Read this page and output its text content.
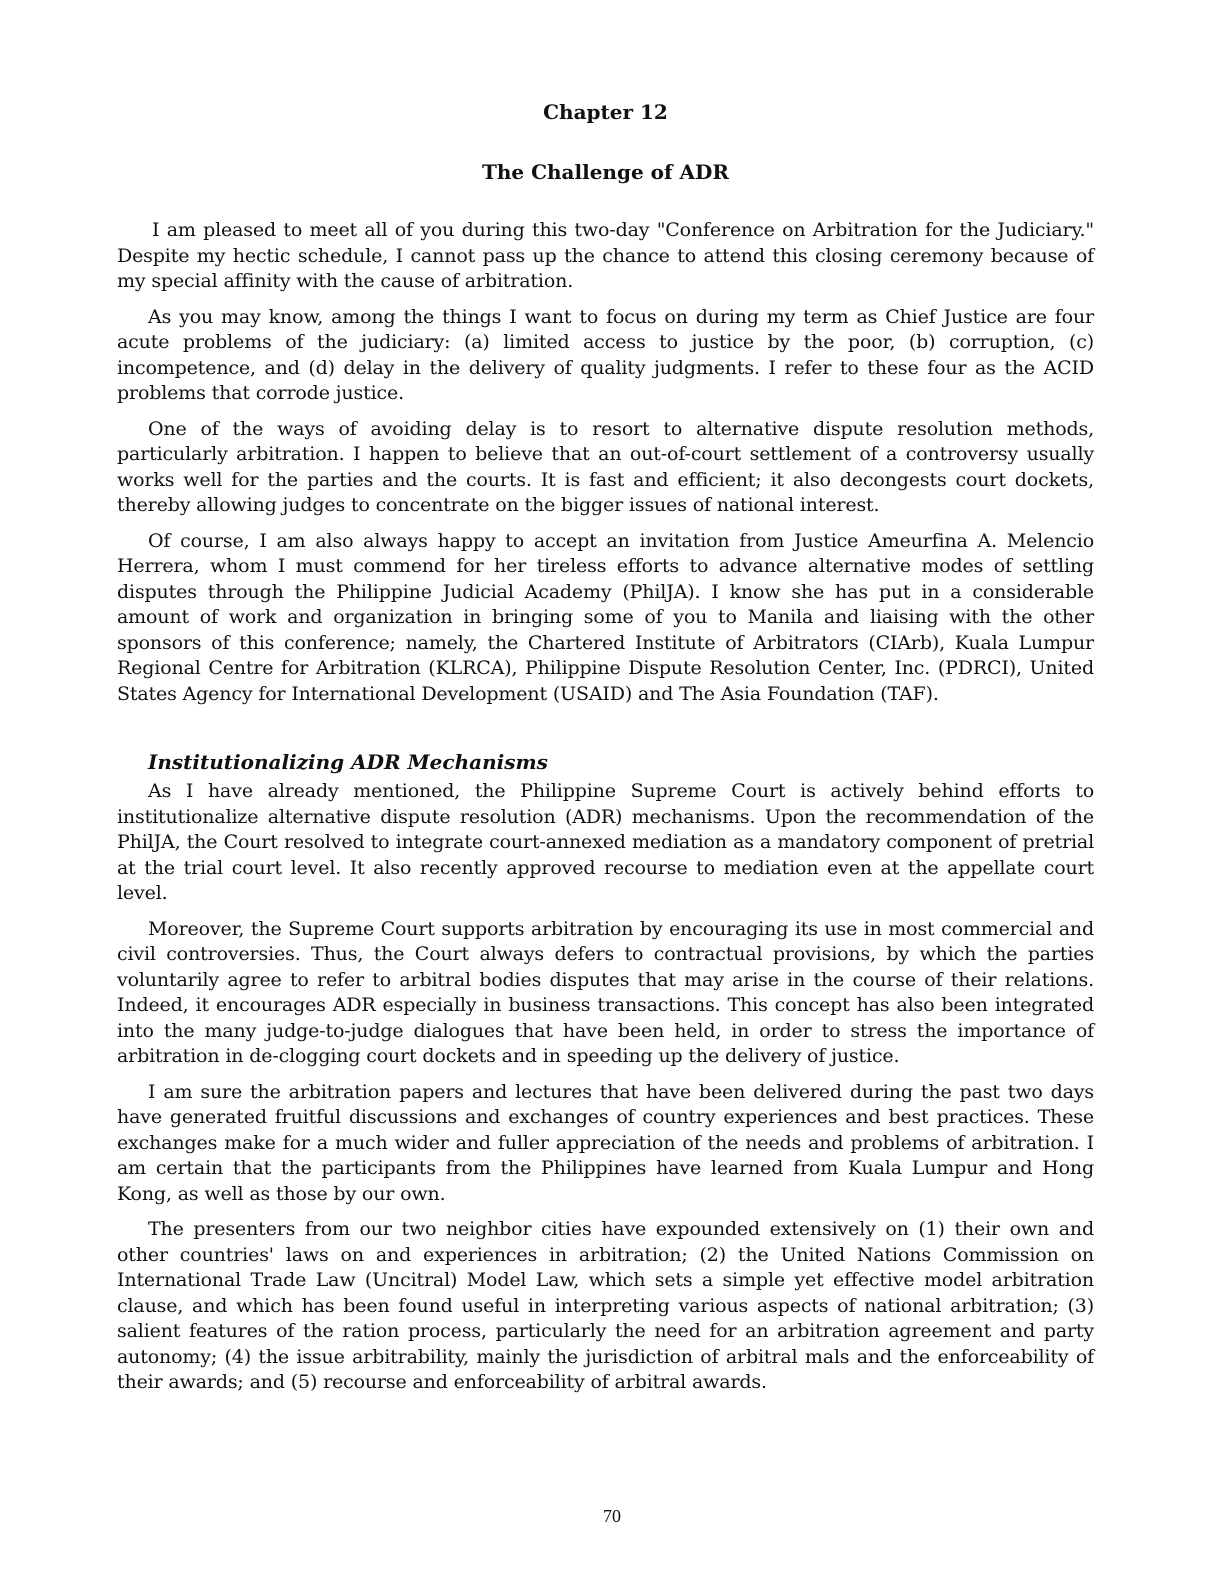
Chapter 12
The Challenge of ADR

I am pleased to meet all of you during this two-day "Conference on Arbitration for the Judiciary." Despite my hectic schedule, I cannot pass up the chance to attend this closing ceremony because of my special affinity with the cause of arbitration.

As you may know, among the things I want to focus on during my term as Chief Justice are four acute problems of the judiciary: (a) limited access to justice by the poor, (b) corruption, (c) incompetence, and (d) delay in the delivery of quality judgments. I refer to these four as the ACID problems that corrode justice.

One of the ways of avoiding delay is to resort to alternative dispute resolution methods, particularly arbitration. I happen to believe that an out-of-court settlement of a controversy usually works well for the parties and the courts. It is fast and efficient; it also decongests court dockets, thereby allowing judges to concentrate on the bigger issues of national interest.

Of course, I am also always happy to accept an invitation from Justice Ameurfina A. Melencio Herrera, whom I must commend for her tireless efforts to advance alternative modes of settling disputes through the Philippine Judicial Academy (PhilJA). I know she has put in a considerable amount of work and organization in bringing some of you to Manila and liaising with the other sponsors of this conference; namely, the Chartered Institute of Arbitrators (CIArb), Kuala Lumpur Regional Centre for Arbitration (KLRCA), Philippine Dispute Resolution Center, Inc. (PDRCI), United States Agency for International Development (USAID) and The Asia Foundation (TAF).

Institutionalizing ADR Mechanisms

As I have already mentioned, the Philippine Supreme Court is actively behind efforts to institutionalize alternative dispute resolution (ADR) mechanisms. Upon the recommendation of the PhilJA, the Court resolved to integrate court-annexed mediation as a mandatory component of pretrial at the trial court level. It also recently approved recourse to mediation even at the appellate court level.

Moreover, the Supreme Court supports arbitration by encouraging its use in most commercial and civil controversies. Thus, the Court always defers to contractual provisions, by which the parties voluntarily agree to refer to arbitral bodies disputes that may arise in the course of their relations. Indeed, it encourages ADR especially in business transactions. This concept has also been integrated into the many judge-to-judge dialogues that have been held, in order to stress the importance of arbitration in de-clogging court dockets and in speeding up the delivery of justice.

I am sure the arbitration papers and lectures that have been delivered during the past two days have generated fruitful discussions and exchanges of country experiences and best practices. These exchanges make for a much wider and fuller appreciation of the needs and problems of arbitration. I am certain that the participants from the Philippines have learned from Kuala Lumpur and Hong Kong, as well as those by our own.

The presenters from our two neighbor cities have expounded extensively on (1) their own and other countries' laws on and experiences in arbitration; (2) the United Nations Commission on International Trade Law (Uncitral) Model Law, which sets a simple yet effective model arbitration clause, and which has been found useful in interpreting various aspects of national arbitration; (3) salient features of the ration process, particularly the need for an arbitration agreement and party autonomy; (4) the issue arbitrability, mainly the jurisdiction of arbitral mals and the enforceability of their awards; and (5) recourse and enforceability of arbitral awards.

70
